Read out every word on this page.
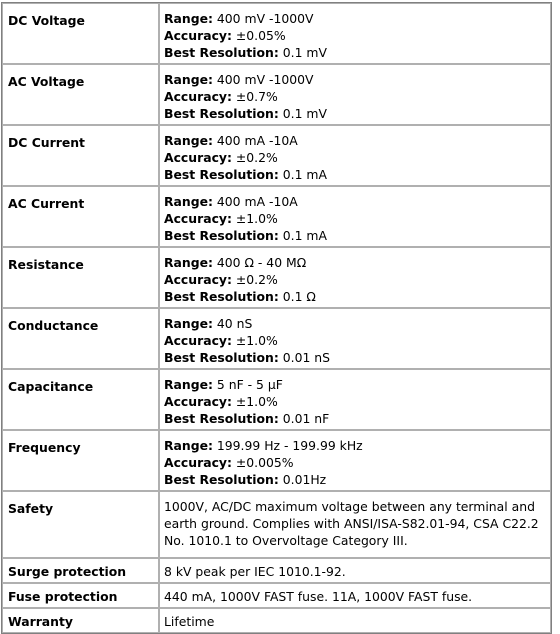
DC Voltage	Range: 400 mV -1000V
Accuracy: ±0.05%
Best Resolution: 0.1 mV

AC Voltage	Range: 400 mV -1000V
Accuracy: ±0.7%
Best Resolution: 0.1 mV

DC Current	Range: 400 mA -10A
Accuracy: ±0.2%
Best Resolution: 0.1 mA

AC Current	Range: 400 mA -10A
Accuracy: ±1.0%
Best Resolution: 0.1 mA

Resistance	Range: 400 Ω - 40 MΩ
Accuracy: ±0.2%
Best Resolution: 0.1 Ω

Conductance	Range: 40 nS
Accuracy: ±1.0%
Best Resolution: 0.01 nS

Capacitance	Range: 5 nF - 5 μF
Accuracy: ±1.0%
Best Resolution: 0.01 nF

Frequency	Range: 199.99 Hz - 199.99 kHz
Accuracy: ±0.005%
Best Resolution: 0.01Hz

Safety	1000V, AC/DC maximum voltage between any terminal and earth ground. Complies with ANSI/ISA-S82.01-94, CSA C22.2 No. 1010.1 to Overvoltage Category III.

Surge protection	8 kV peak per IEC 1010.1-92.
Fuse protection	440 mA, 1000V FAST fuse. 11A, 1000V FAST fuse.
Warranty	Lifetime
